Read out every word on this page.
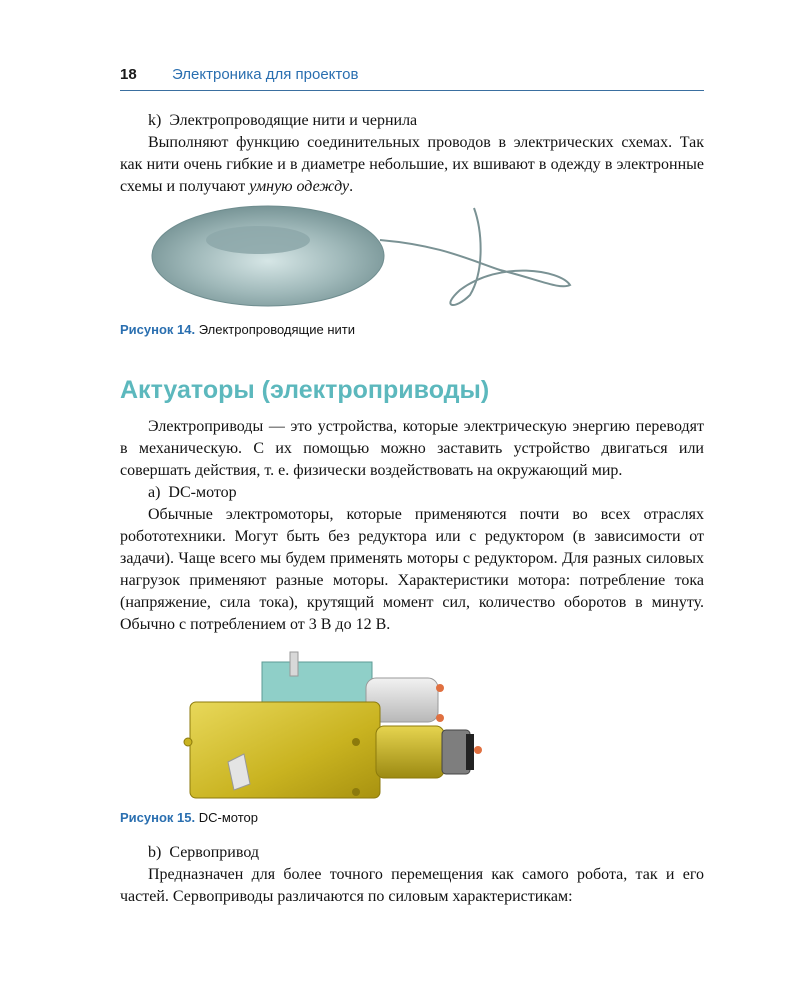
18 Электроника для проектов

k) Электропроводящие нити и чернила

Выполняют функцию соединительных проводов в электрических схемах. Так как нити очень гибкие и в диаметре небольшие, их вшивают в одежду в электронные схемы и получают умную одежду.

Рисунок 14. Электропроводящие нити
Актуаторы (электроприводы)

Электроприводы — это устройства, которые электрическую энергию переводят в механическую. С их помощью можно заставить устройство двигаться или совершать действия, т. е. физически воздействовать на окружающий мир.

a) DC-мотор

Обычные электромоторы, которые применяются почти во всех отраслях робототехники. Могут быть без редуктора или с редуктором (в зависимости от задачи). Чаще всего мы будем применять моторы с редуктором. Для разных силовых нагрузок применяют разные моторы. Характеристики мотора: потребление тока (напряжение, сила тока), крутящий момент сил, количество оборотов в минуту. Обычно с потреблением от 3 В до 12 В.

Рисунок 15. DC-мотор

b) Сервопривод

Предназначен для более точного перемещения как самого робота, так и его частей. Сервоприводы различаются по силовым характеристикам:
